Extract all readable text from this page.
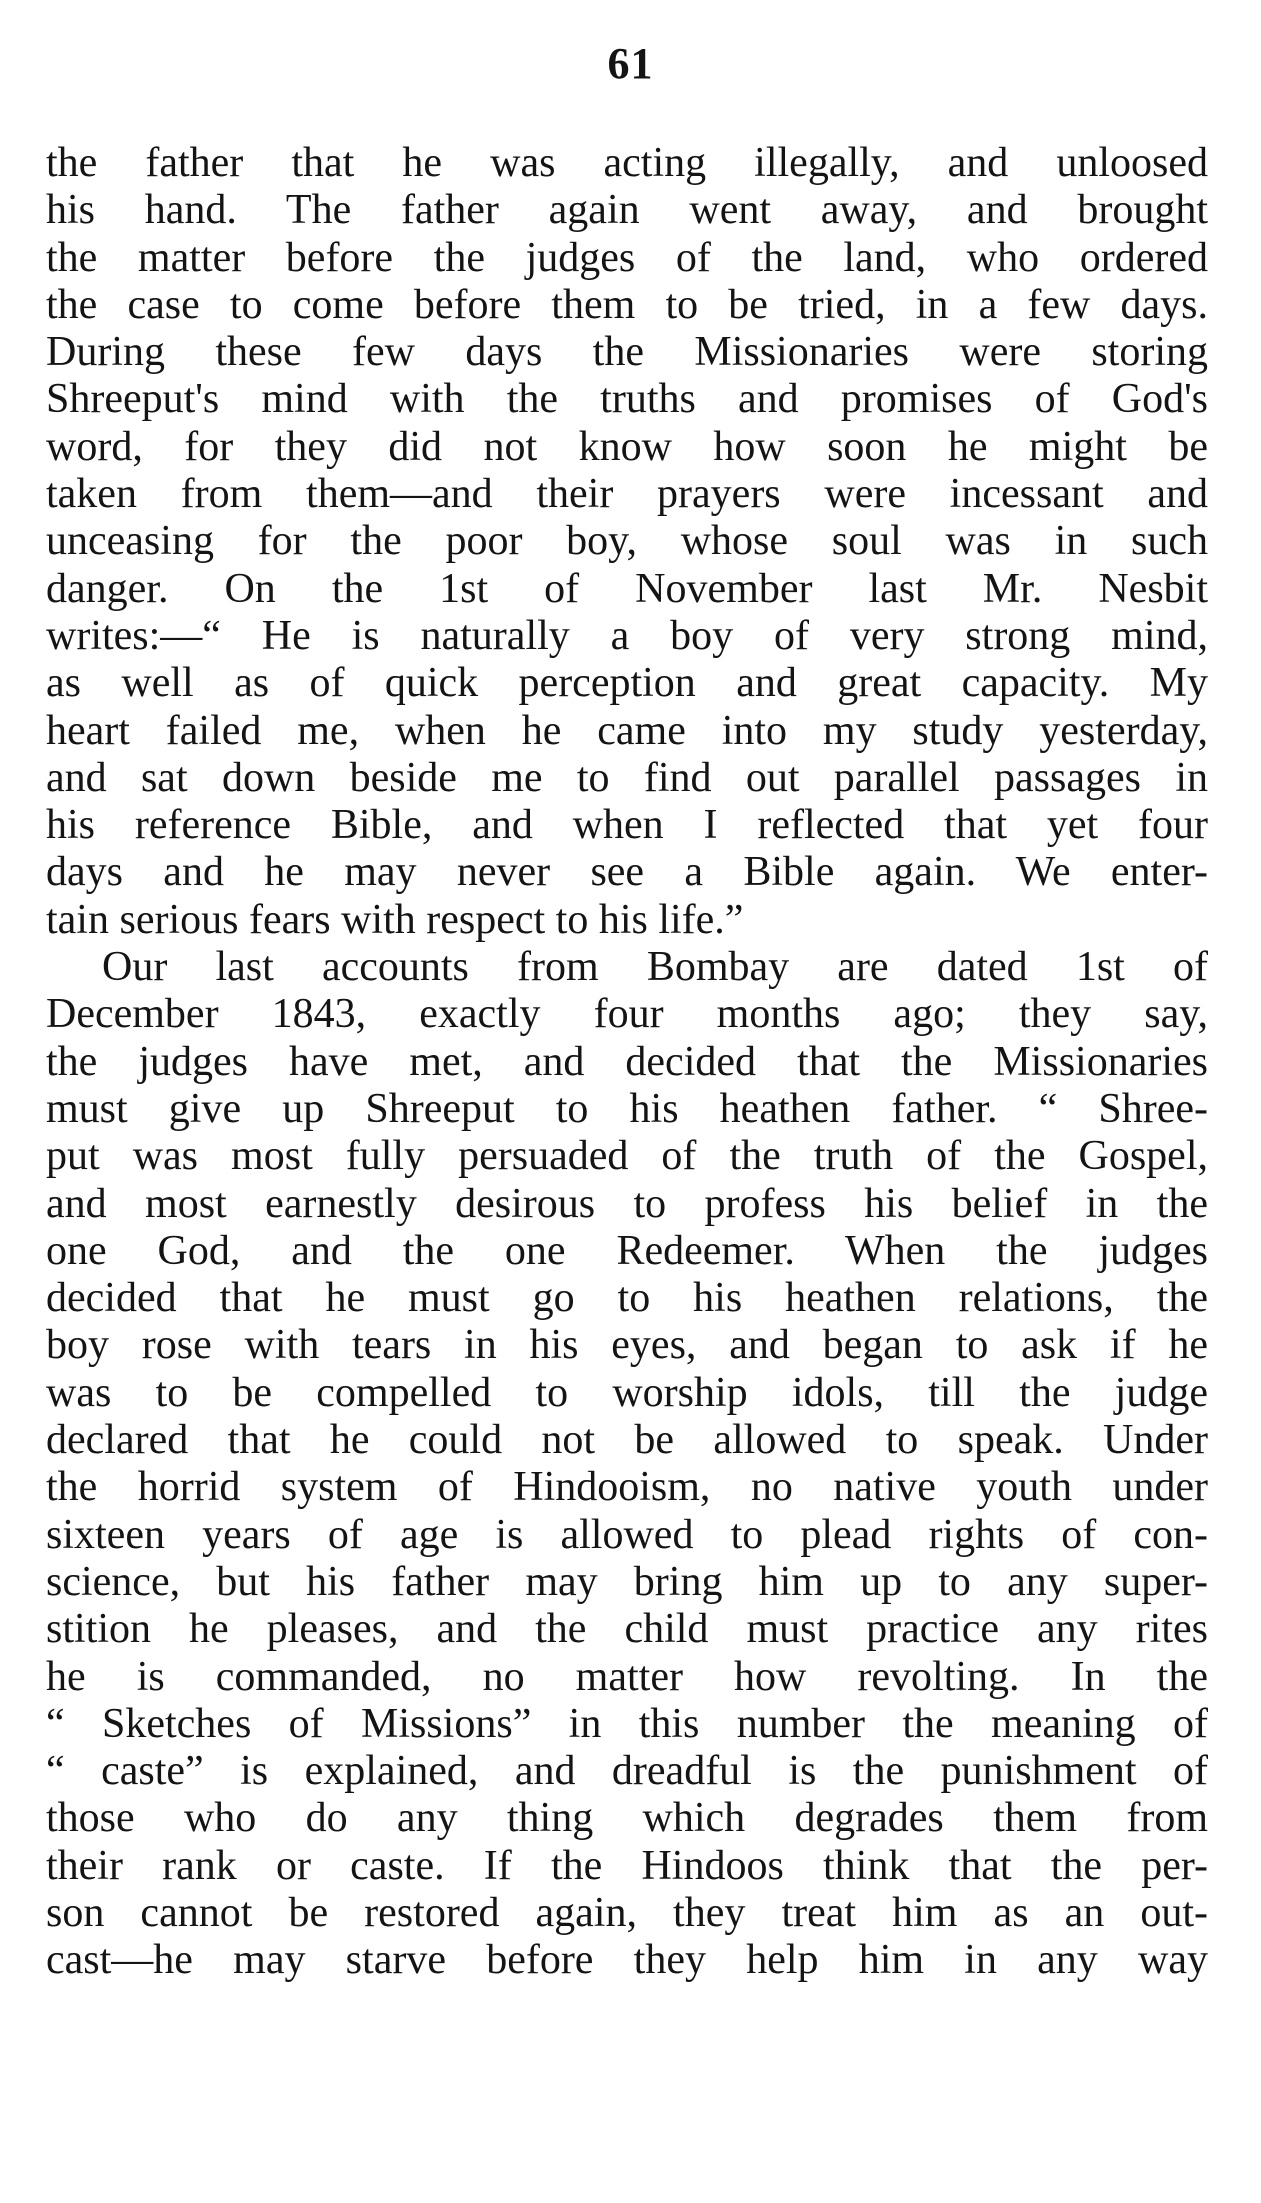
61
the father that he was acting illegally, and unloosed
his hand. The father again went away, and brought
the matter before the judges of the land, who ordered
the case to come before them to be tried, in a few days.
During these few days the Missionaries were storing
Shreeput's mind with the truths and promises of God's
word, for they did not know how soon he might be
taken from them—and their prayers were incessant and
unceasing for the poor boy, whose soul was in such
danger. On the 1st of November last Mr. Nesbit
writes:—“ He is naturally a boy of very strong mind,
as well as of quick perception and great capacity. My
heart failed me, when he came into my study yesterday,
and sat down beside me to find out parallel passages in
his reference Bible, and when I reflected that yet four
days and he may never see a Bible again. We enter-
tain serious fears with respect to his life.”
Our last accounts from Bombay are dated 1st of
December 1843, exactly four months ago; they say,
the judges have met, and decided that the Missionaries
must give up Shreeput to his heathen father. “ Shree-
put was most fully persuaded of the truth of the Gospel,
and most earnestly desirous to profess his belief in the
one God, and the one Redeemer. When the judges
decided that he must go to his heathen relations, the
boy rose with tears in his eyes, and began to ask if he
was to be compelled to worship idols, till the judge
declared that he could not be allowed to speak. Under
the horrid system of Hindooism, no native youth under
sixteen years of age is allowed to plead rights of con-
science, but his father may bring him up to any super-
stition he pleases, and the child must practice any rites
he is commanded, no matter how revolting. In the
“ Sketches of Missions” in this number the meaning of
“ caste” is explained, and dreadful is the punishment of
those who do any thing which degrades them from
their rank or caste. If the Hindoos think that the per-
son cannot be restored again, they treat him as an out-
cast—he may starve before they help him in any way
